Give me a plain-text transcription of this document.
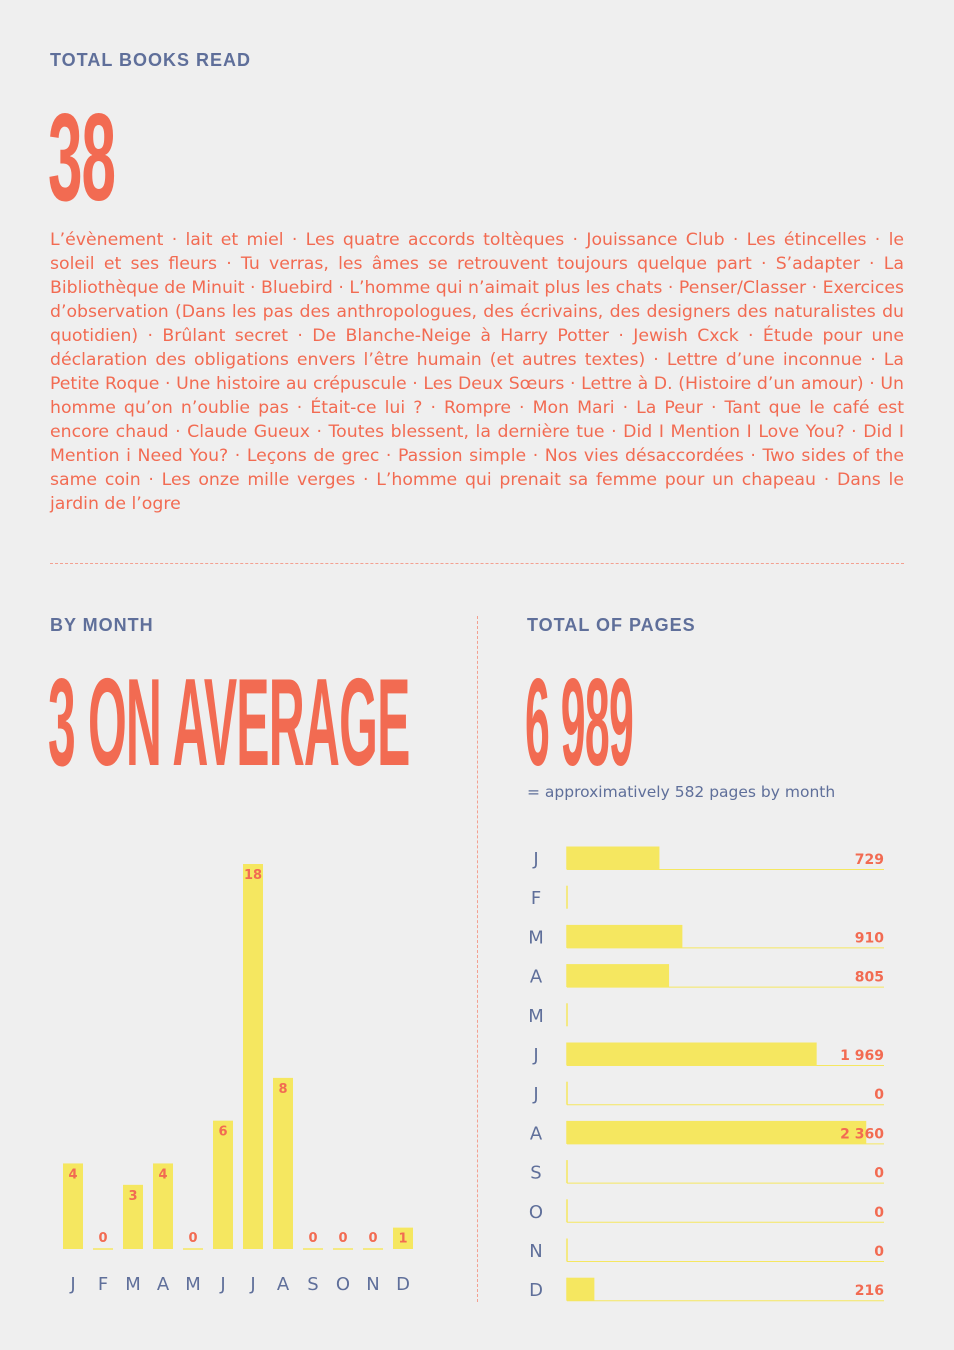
TOTAL BOOKS READ
38

L’évènement · lait et miel · Les quatre accords toltèques · Jouissance Club · Les étincelles · le soleil et ses fleurs · Tu verras, les âmes se retrouvent toujours quelque part · S’adapter · La Bibliothèque de Minuit · Bluebird · L’homme qui n’aimait plus les chats · Penser/Classer · Exercices d’observation (Dans les pas des anthropologues, des écrivains, des designers des naturalistes du quotidien) · Brûlant secret · De Blanche-Neige à Harry Potter · Jewish Cxck · Étude pour une déclaration des obligations envers l’être humain (et autres textes) · Lettre d’une inconnue · La Petite Roque · Une histoire au crépuscule · Les Deux Sœurs · Lettre à D. (Histoire d’un amour) · Un homme qu’on n’oublie pas · Était-ce lui ? · Rompre · Mon Mari · La Peur · Tant que le café est encore chaud · Claude Gueux · Toutes blessent, la dernière tue · Did I Mention I Love You? · Did I Mention i Need You? · Leçons de grec · Passion simple · Nos vies désaccordées · Two sides of the same coin · Les onze mille verges · L’homme qui prenait sa femme pour un chapeau · Dans le jardin de l’ogre

BY MONTH
3 ON AVERAGE
TOTAL OF PAGES
6 989
= approximatively 582 pages by month
4
J
0
F
3
M
4
A
0
M
6
J
18
J
8
A
0
S
0
O
0
N
1
D
J	729
F
M	910
A	805
M
J	1 969
J	0
A	2 360
S	0
O	0
N	0
D	216
